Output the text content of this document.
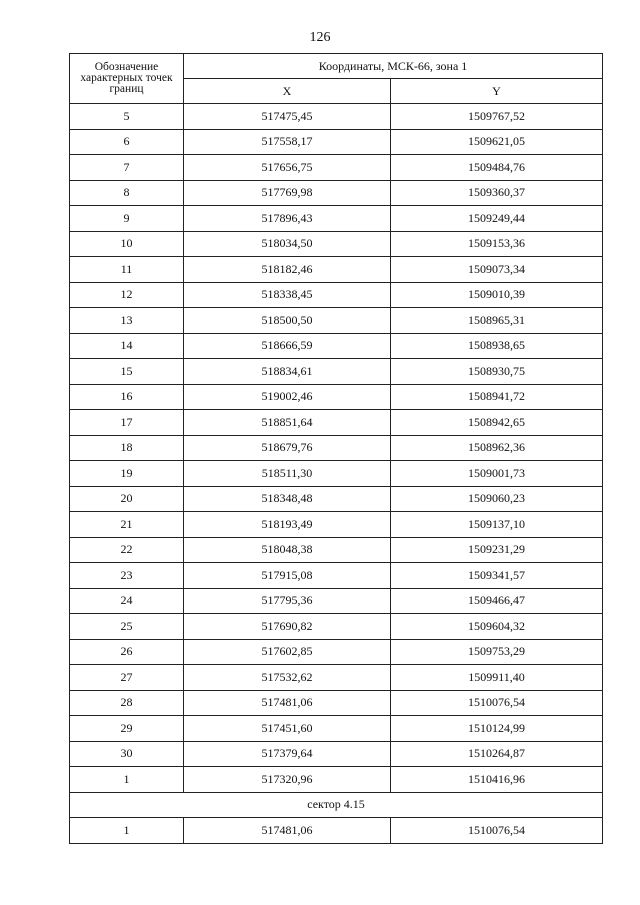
126
Обозначение характерных точек границ	Координаты, МСК-66, зона 1	
	X	Y
5	517475,45	1509767,52
6	517558,17	1509621,05
7	517656,75	1509484,76
8	517769,98	1509360,37
9	517896,43	1509249,44
10	518034,50	1509153,36
11	518182,46	1509073,34
12	518338,45	1509010,39
13	518500,50	1508965,31
14	518666,59	1508938,65
15	518834,61	1508930,75
16	519002,46	1508941,72
17	518851,64	1508942,65
18	518679,76	1508962,36
19	518511,30	1509001,73
20	518348,48	1509060,23
21	518193,49	1509137,10
22	518048,38	1509231,29
23	517915,08	1509341,57
24	517795,36	1509466,47
25	517690,82	1509604,32
26	517602,85	1509753,29
27	517532,62	1509911,40
28	517481,06	1510076,54
29	517451,60	1510124,99
30	517379,64	1510264,87
1	517320,96	1510416,96
сектор 4.15		
1	517481,06	1510076,54
